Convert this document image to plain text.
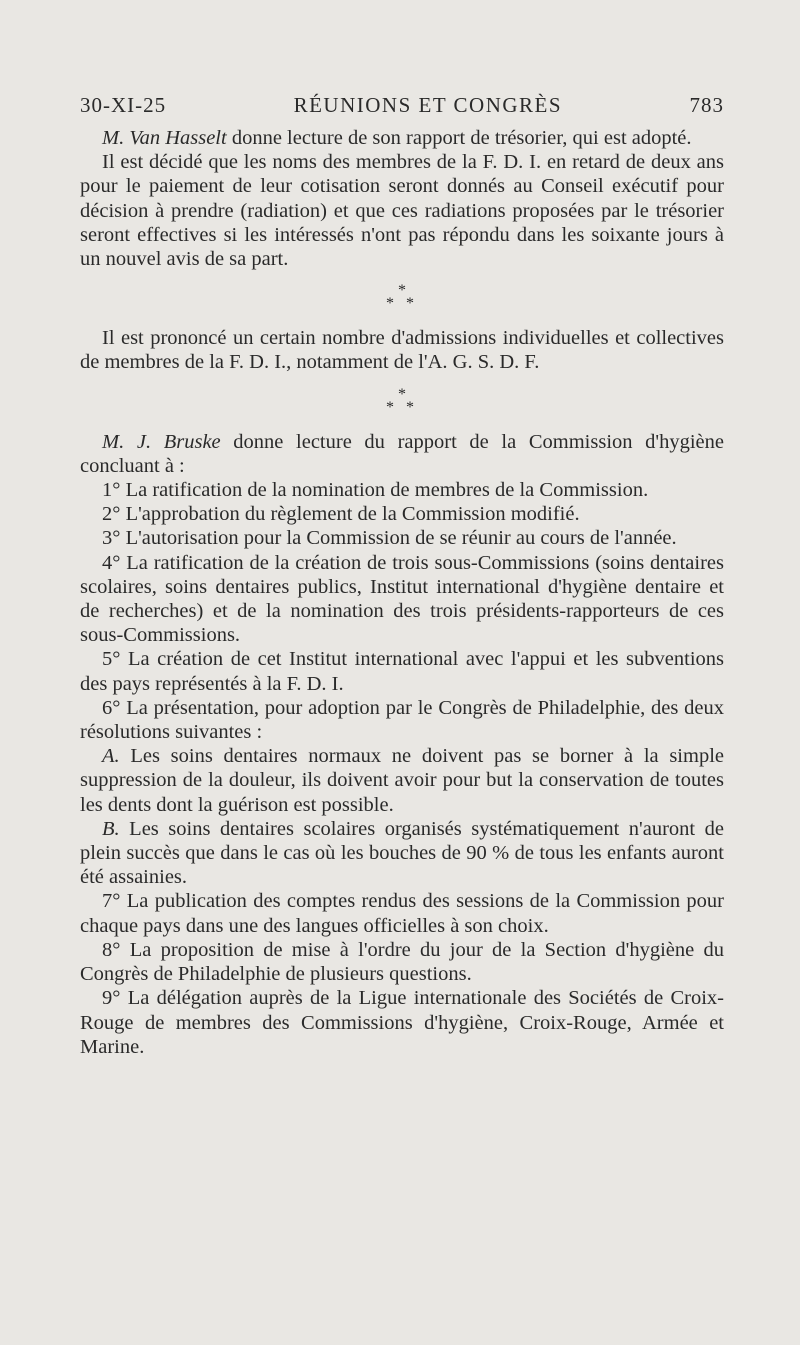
30-XI-25	RÉUNIONS ET CONGRÈS	783

M. Van Hasselt donne lecture de son rapport de trésorier, qui est adopté.

Il est décidé que les noms des membres de la F. D. I. en retard de deux ans pour le paiement de leur cotisation seront donnés au Conseil exécutif pour décision à prendre (radiation) et que ces radiations proposées par le trésorier seront effectives si les intéressés n'ont pas répondu dans les soixante jours à un nouvel avis de sa part.

*
* *

Il est prononcé un certain nombre d'admissions individuelles et collectives de membres de la F. D. I., notamment de l'A. G. S. D. F.

*
* *

M. J. Bruske donne lecture du rapport de la Commission d'hygiène concluant à :

1° La ratification de la nomination de membres de la Commission.

2° L'approbation du règlement de la Commission modifié.

3° L'autorisation pour la Commission de se réunir au cours de l'année.

4° La ratification de la création de trois sous-Commissions (soins dentaires scolaires, soins dentaires publics, Institut international d'hygiène dentaire et de recherches) et de la nomination des trois présidents-rapporteurs de ces sous-Commissions.

5° La création de cet Institut international avec l'appui et les subventions des pays représentés à la F. D. I.

6° La présentation, pour adoption par le Congrès de Philadelphie, des deux résolutions suivantes :

A. Les soins dentaires normaux ne doivent pas se borner à la simple suppression de la douleur, ils doivent avoir pour but la conservation de toutes les dents dont la guérison est possible.

B. Les soins dentaires scolaires organisés systématiquement n'auront de plein succès que dans le cas où les bouches de 90 % de tous les enfants auront été assainies.

7° La publication des comptes rendus des sessions de la Commission pour chaque pays dans une des langues officielles à son choix.

8° La proposition de mise à l'ordre du jour de la Section d'hygiène du Congrès de Philadelphie de plusieurs questions.

9° La délégation auprès de la Ligue internationale des Sociétés de Croix-Rouge de membres des Commissions d'hygiène, Croix-Rouge, Armée et Marine.
